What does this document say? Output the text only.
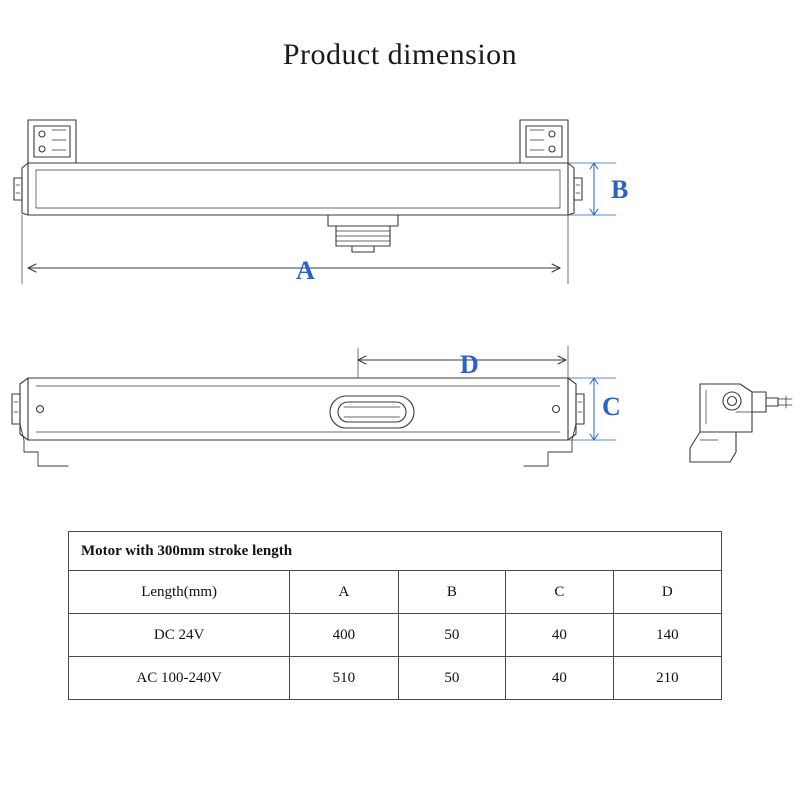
Product dimension
A
B
C
D
Motor with 300mm stroke length				
Length(mm)	A	B	C	D
DC 24V	400	50	40	140
AC 100-240V	510	50	40	210
